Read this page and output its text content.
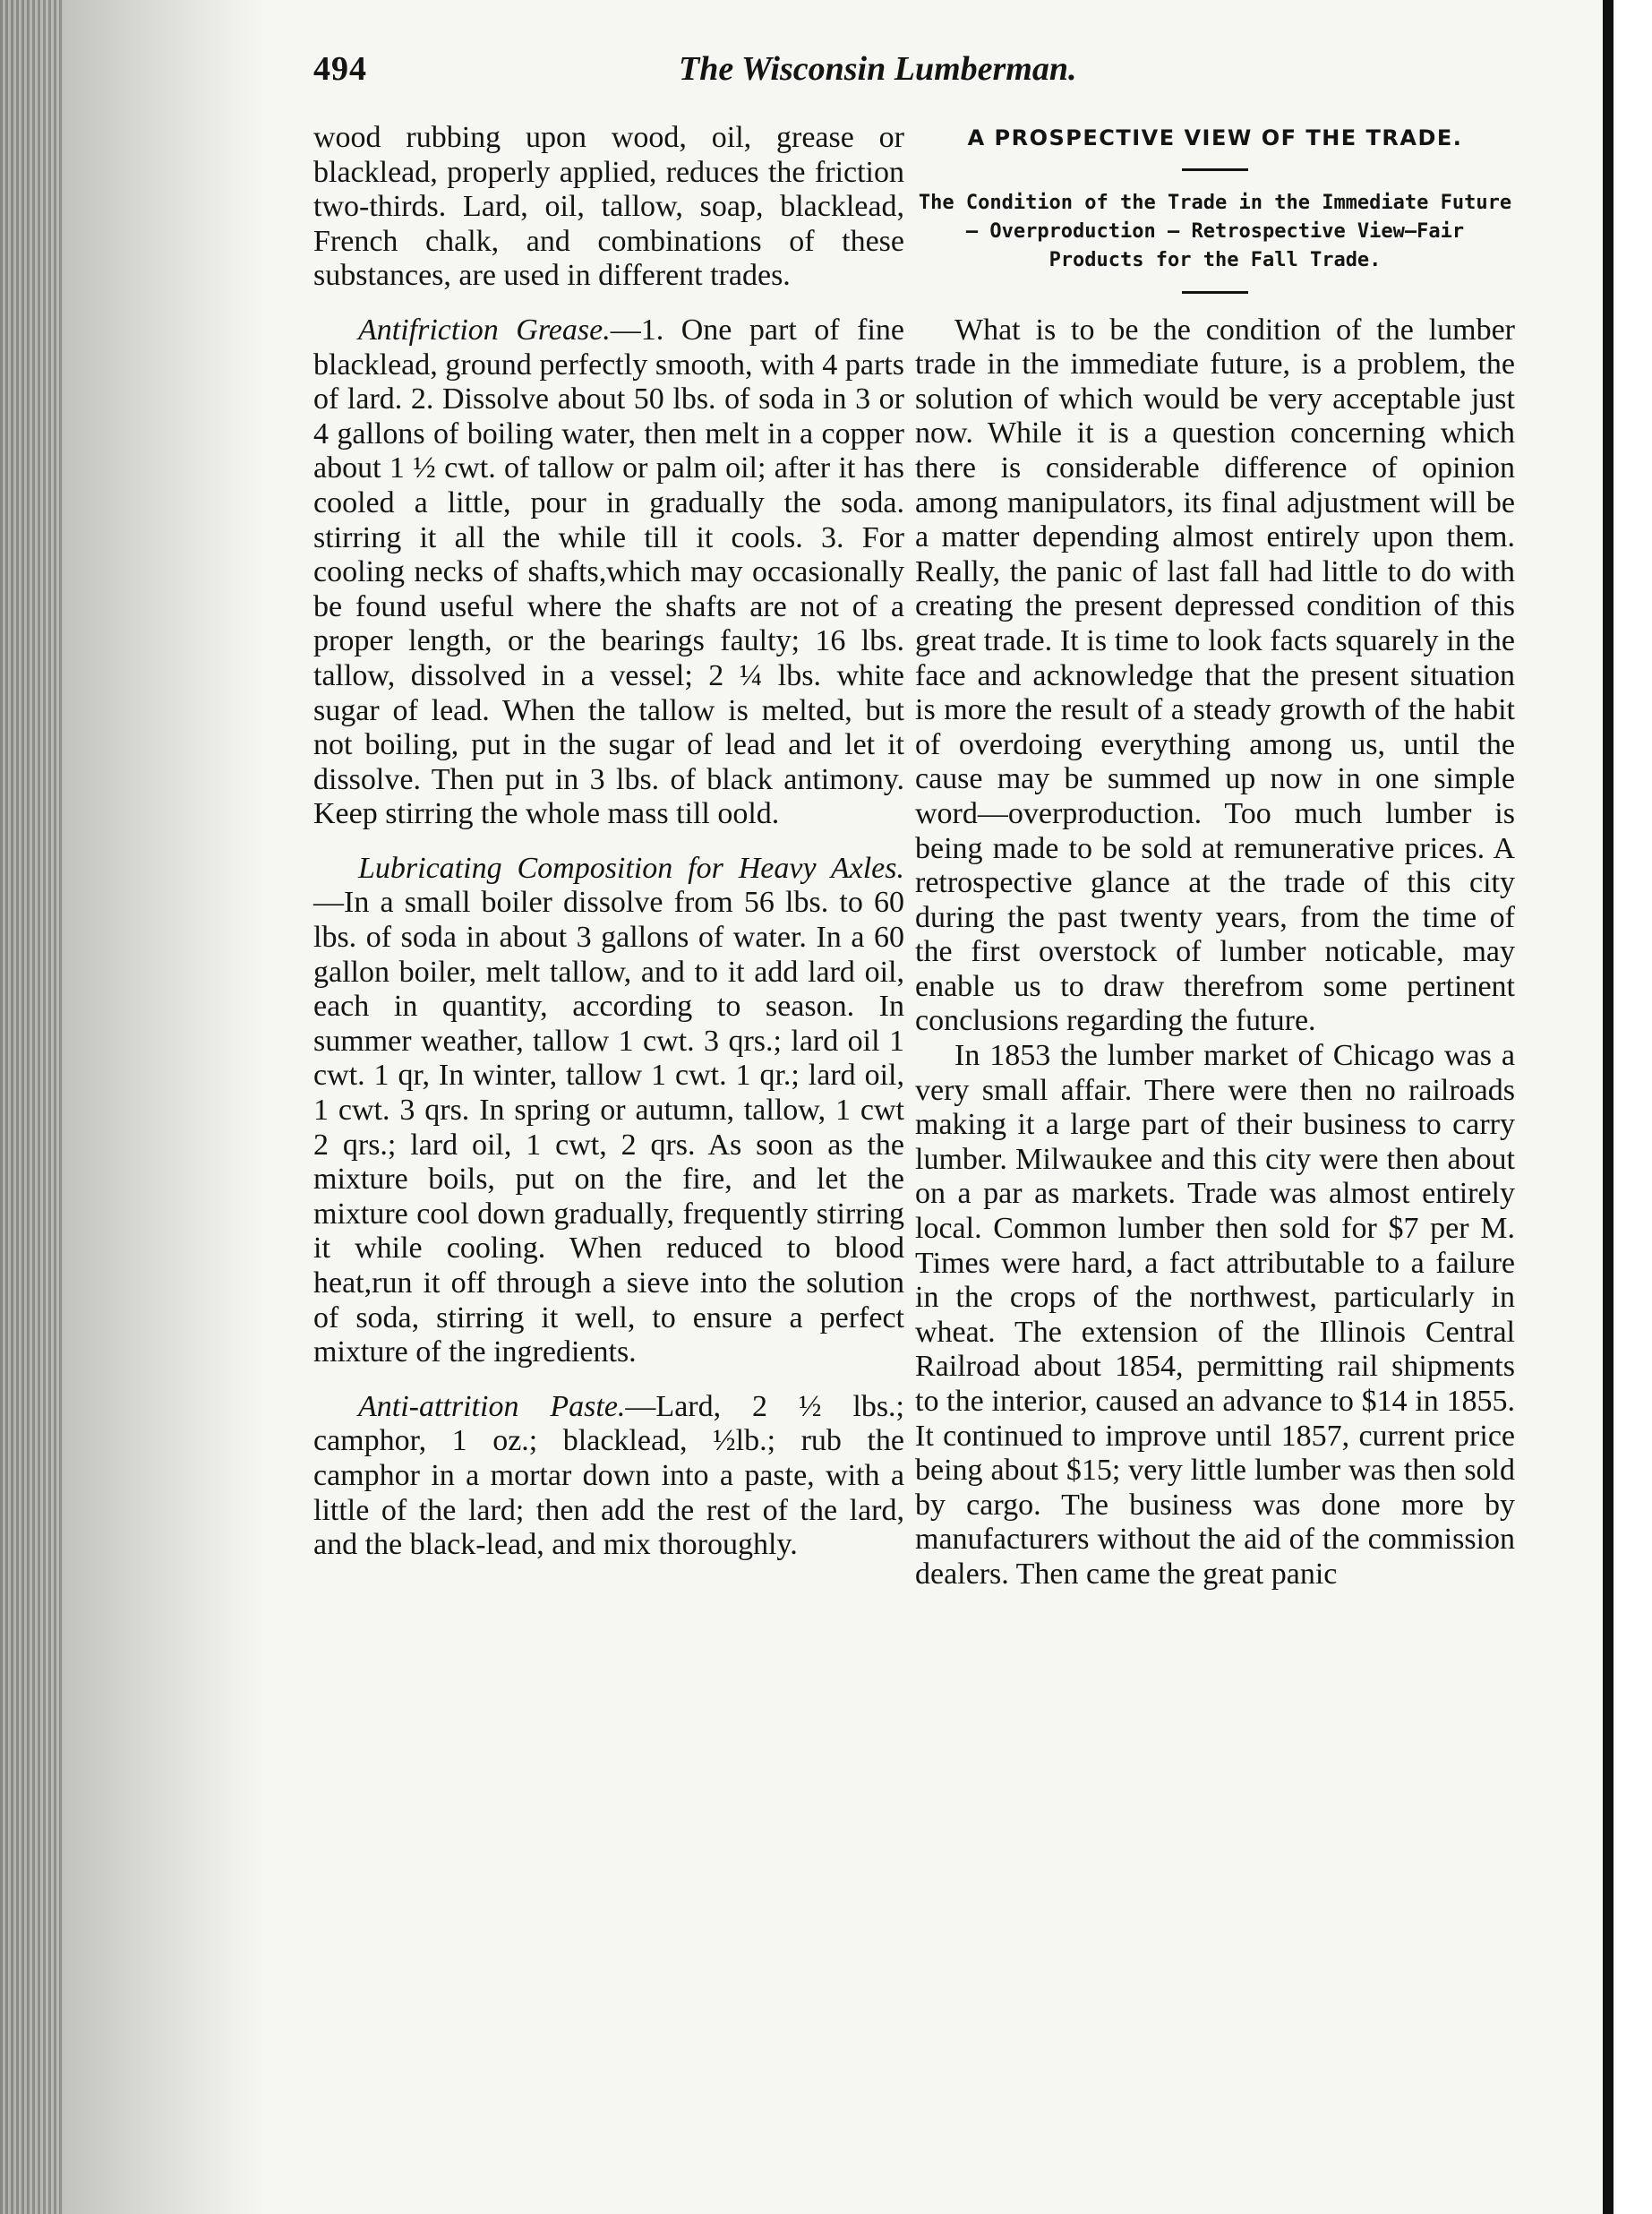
494	The Wisconsin Lumberman.

wood rubbing upon wood, oil, grease or blacklead, properly applied, reduces the friction two-thirds. Lard, oil, tallow, soap, blacklead, French chalk, and combinations of these substances, are used in different trades.

Antifriction Grease.—1. One part of fine blacklead, ground perfectly smooth, with 4 parts of lard. 2. Dissolve about 50 lbs. of soda in 3 or 4 gallons of boiling water, then melt in a copper about 1 ½ cwt. of tallow or palm oil; after it has cooled a little, pour in gradually the soda. stirring it all the while till it cools. 3. For cooling necks of shafts,which may occasionally be found useful where the shafts are not of a proper length, or the bearings faulty; 16 lbs. tallow, dissolved in a vessel; 2 ¼ lbs. white sugar of lead. When the tallow is melted, but not boiling, put in the sugar of lead and let it dissolve. Then put in 3 lbs. of black antimony. Keep stirring the whole mass till oold.

Lubricating Composition for Heavy Axles.—In a small boiler dissolve from 56 lbs. to 60 lbs. of soda in about 3 gallons of water. In a 60 gallon boiler, melt tallow, and to it add lard oil, each in quantity, according to season. In summer weather, tallow 1 cwt. 3 qrs.; lard oil 1 cwt. 1 qr, In winter, tallow 1 cwt. 1 qr.; lard oil, 1 cwt. 3 qrs. In spring or autumn, tallow, 1 cwt 2 qrs.; lard oil, 1 cwt, 2 qrs. As soon as the mixture boils, put on the fire, and let the mixture cool down gradually, frequently stirring it while cooling. When reduced to blood heat,run it off through a sieve into the solution of soda, stirring it well, to ensure a perfect mixture of the ingredients.

Anti-attrition Paste.—Lard, 2 ½ lbs.; camphor, 1 oz.; blacklead, ½lb.; rub the camphor in a mortar down into a paste, with a little of the lard; then add the rest of the lard, and the black-lead, and mix thoroughly.

A PROSPECTIVE VIEW OF THE TRADE.
The Condition of the Trade in the Immediate Future — Overproduction — Retrospective View—Fair Products for the Fall Trade.

What is to be the condition of the lumber trade in the immediate future, is a problem, the solution of which would be very acceptable just now. While it is a question concerning which there is considerable difference of opinion among manipulators, its final adjustment will be a matter depending almost entirely upon them. Really, the panic of last fall had little to do with creating the present depressed condition of this great trade. It is time to look facts squarely in the face and acknowledge that the present situation is more the result of a steady growth of the habit of overdoing everything among us, until the cause may be summed up now in one simple word—overproduction. Too much lumber is being made to be sold at remunerative prices. A retrospective glance at the trade of this city during the past twenty years, from the time of the first overstock of lumber noticable, may enable us to draw therefrom some pertinent conclusions regarding the future.

In 1853 the lumber market of Chicago was a very small affair. There were then no railroads making it a large part of their business to carry lumber. Milwaukee and this city were then about on a par as markets. Trade was almost entirely local. Common lumber then sold for $7 per M. Times were hard, a fact attributable to a failure in the crops of the northwest, particularly in wheat. The extension of the Illinois Central Railroad about 1854, permitting rail shipments to the interior, caused an advance to $14 in 1855. It continued to improve until 1857, current price being about $15; very little lumber was then sold by cargo. The business was done more by manufacturers without the aid of the commission dealers. Then came the great panic
